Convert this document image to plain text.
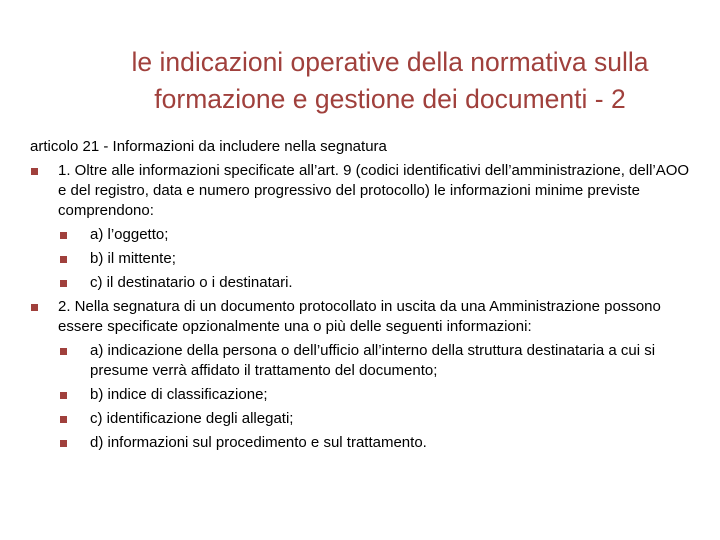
le indicazioni operative della normativa sulla
formazione e gestione dei documenti - 2

articolo 21 - Informazioni da includere nella segnatura

1. Oltre alle informazioni specificate all’art. 9 (codici identificativi dell’amministrazione, dell’AOO e del registro, data e numero progressivo del protocollo) le informazioni minime previste comprendono:
a) l’oggetto;
b) il mittente;
c) il destinatario o i destinatari.
2. Nella segnatura di un documento protocollato in uscita da una Amministrazione possono essere specificate opzionalmente una o più delle seguenti informazioni:
a) indicazione della persona o dell’ufficio all’interno della struttura destinataria a cui si presume verrà affidato il trattamento del documento;
b) indice di classificazione;
c) identificazione degli allegati;
d) informazioni sul procedimento e sul trattamento.
